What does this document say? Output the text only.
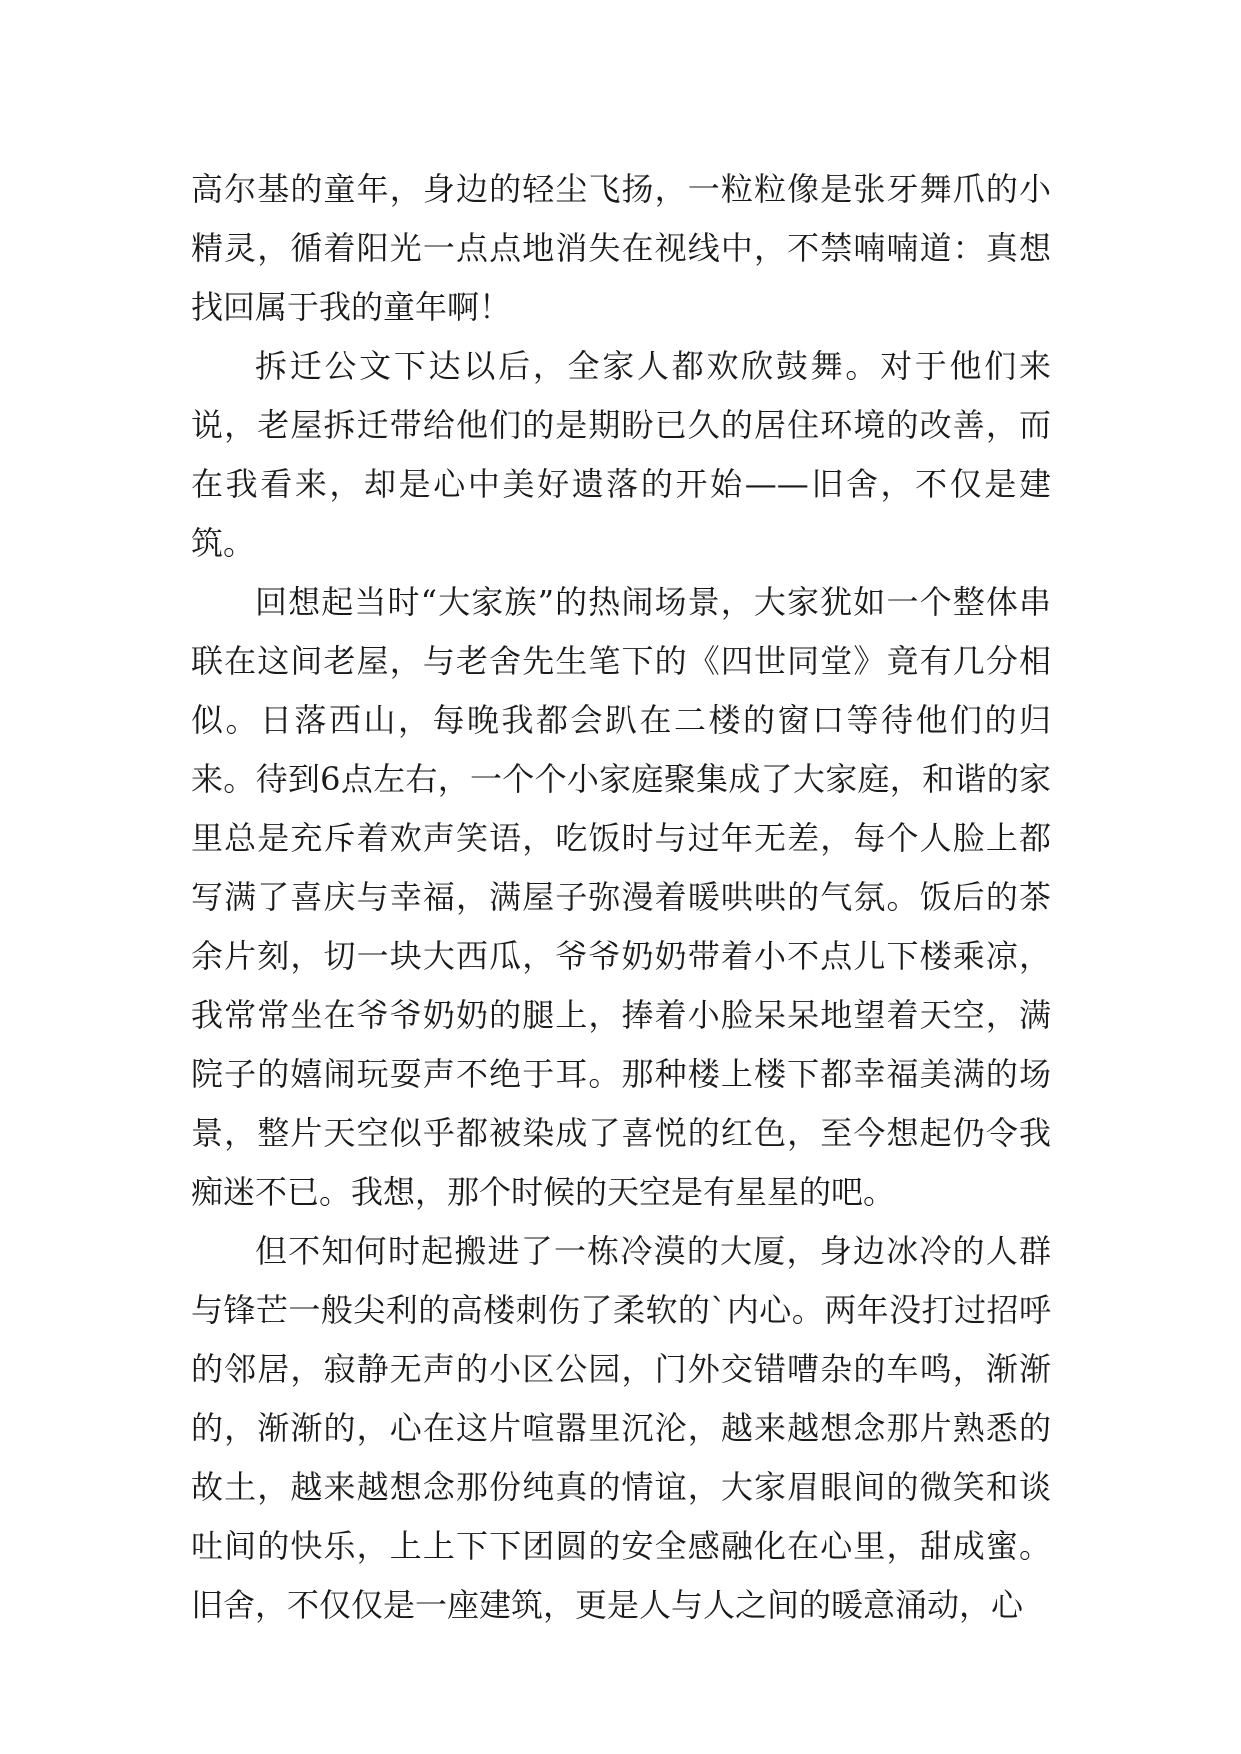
高尔基的童年，身边的轻尘飞扬，一粒粒像是张牙舞爪的小精灵，循着阳光一点点地消失在视线中，不禁喃喃道：真想找回属于我的童年啊！

拆迁公文下达以后，全家人都欢欣鼓舞。对于他们来说，老屋拆迁带给他们的是期盼已久的居住环境的改善，而在我看来，却是心中美好遗落的开始——旧舍，不仅是建筑。

回想起当时“大家族”的热闹场景，大家犹如一个整体串联在这间老屋，与老舍先生笔下的《四世同堂》竟有几分相似。日落西山，每晚我都会趴在二楼的窗口等待他们的归来。待到6点左右，一个个小家庭聚集成了大家庭，和谐的家里总是充斥着欢声笑语，吃饭时与过年无差，每个人脸上都写满了喜庆与幸福，满屋子弥漫着暖哄哄的气氛。饭后的茶余片刻，切一块大西瓜，爷爷奶奶带着小不点儿下楼乘凉，我常常坐在爷爷奶奶的腿上，捧着小脸呆呆地望着天空，满院子的嬉闹玩耍声不绝于耳。那种楼上楼下都幸福美满的场景，整片天空似乎都被染成了喜悦的红色，至今想起仍令我痴迷不已。我想，那个时候的天空是有星星的吧。

但不知何时起搬进了一栋冷漠的大厦，身边冰冷的人群与锋芒一般尖利的高楼刺伤了柔软的`内心。两年没打过招呼的邻居，寂静无声的小区公园，门外交错嘈杂的车鸣，渐渐的，渐渐的，心在这片喧嚣里沉沦，越来越想念那片熟悉的故土，越来越想念那份纯真的情谊，大家眉眼间的微笑和谈吐间的快乐，上上下下团圆的安全感融化在心里，甜成蜜。旧舍，不仅仅是一座建筑，更是人与人之间的暖意涌动，心
